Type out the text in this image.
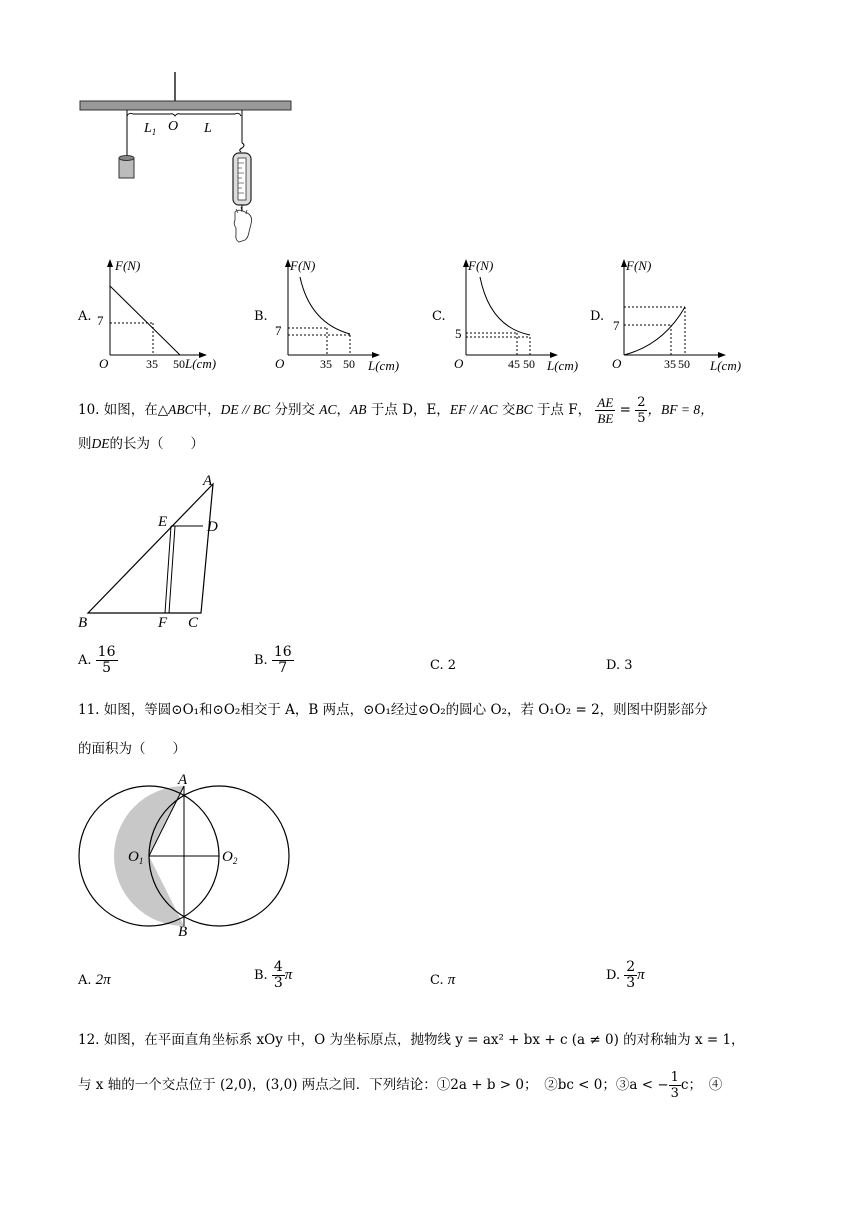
$L_1$ O L
A.
F(N)
7
O	35 50 L(cm)
B.
F(N)
7
O	35 50 L(cm)
C.
F(N)
5
O	45 50 L(cm)
D.
F(N)
7
O	35 50 L(cm)
10. 如图，在△ABC中，DE // BC 分别交 AC，AB 于点 D，E，EF // AC 交BC 于点 F， $\frac{AE}{BE} = \frac{2}{5}$ ，BF = 8，
则DE的长为（　　）
A
E	D
B	F C
A. $\frac{16}{5}$	B. $\frac{16}{7}$	C. 2	D. 3
11. 如图，等圆⊙O₁和⊙O₂相交于 A，B 两点，⊙O₁经过⊙O₂的圆心 O₂，若 O₁O₂ = 2，则图中阴影部分
的面积为（　　）
A
B
$O_1$	$O_2$
A. 2π	B. $\frac{4}{3}$ π	C. π	D. $\frac{2}{3}$ π
12. 如图，在平面直角坐标系 xOy 中，O 为坐标原点，抛物线 y = ax² + bx + c (a ≠ 0) 的对称轴为 x = 1，
与 x 轴的一个交点位于 (2,0)，(3,0) 两点之间．下列结论：①2a + b > 0；　②bc < 0；③a < − $\frac{1}{3}$ c；　④
